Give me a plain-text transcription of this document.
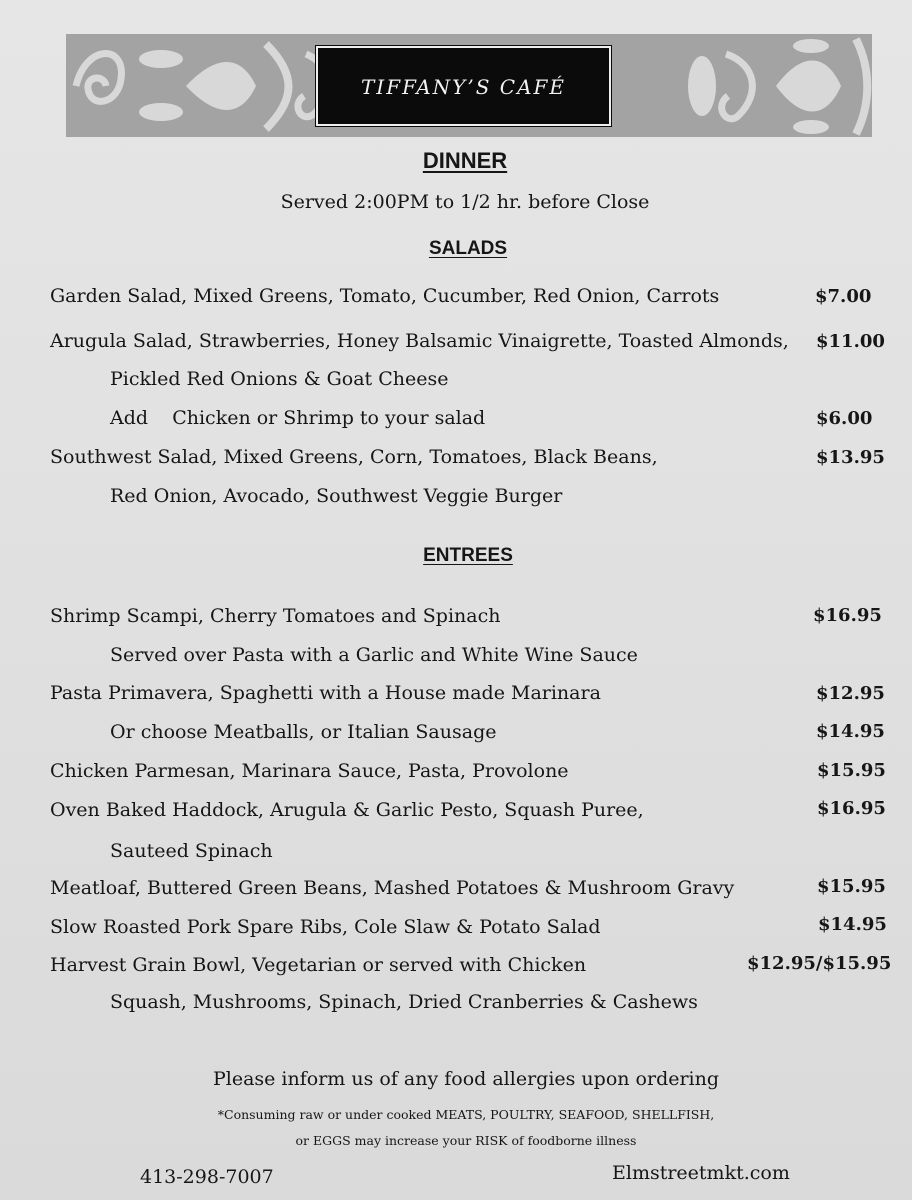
TIFFANY’S CAFÉ
DINNER
Served 2:00PM to 1/2 hr. before Close
SALADS
Garden Salad, Mixed Greens, Tomato, Cucumber, Red Onion, Carrots	$7.00
Arugula Salad, Strawberries, Honey Balsamic Vinaigrette, Toasted Almonds, $11.00
Pickled Red Onions & Goat Cheese
Add    Chicken or Shrimp to your salad	$6.00
Southwest Salad, Mixed Greens, Corn, Tomatoes, Black Beans,	$13.95
Red Onion, Avocado, Southwest Veggie Burger
ENTREES
Shrimp Scampi, Cherry Tomatoes and Spinach	$16.95
Served over Pasta with a Garlic and White Wine Sauce
Pasta Primavera, Spaghetti with a House made Marinara	$12.95
Or choose Meatballs, or Italian Sausage	$14.95
Chicken Parmesan, Marinara Sauce, Pasta, Provolone	$15.95
Oven Baked Haddock, Arugula & Garlic Pesto, Squash Puree,	$16.95
Sauteed Spinach
Meatloaf, Buttered Green Beans, Mashed Potatoes & Mushroom Gravy	$15.95
Slow Roasted Pork Spare Ribs, Cole Slaw & Potato Salad	$14.95
Harvest Grain Bowl, Vegetarian or served with Chicken	$12.95/$15.95
Squash, Mushrooms, Spinach, Dried Cranberries & Cashews
Please inform us of any food allergies upon ordering
*Consuming raw or under cooked MEATS, POULTRY, SEAFOOD, SHELLFISH,
or EGGS may increase your RISK of foodborne illness
413-298-7007	Elmstreetmkt.com
